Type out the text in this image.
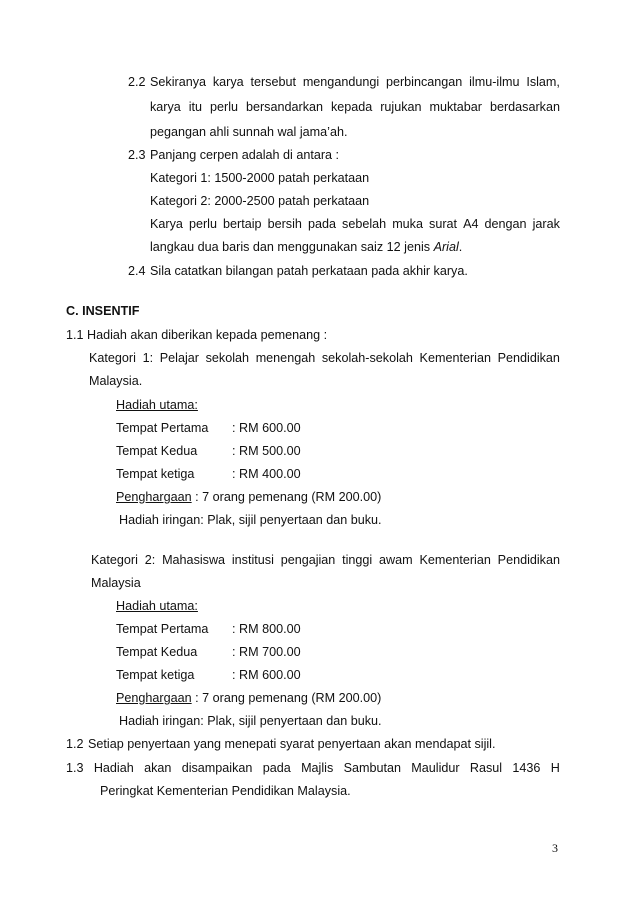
2.2 Sekiranya karya tersebut mengandungi perbincangan ilmu-ilmu Islam,
karya itu perlu bersandarkan kepada rujukan muktabar berdasarkan
pegangan ahli sunnah wal jama’ah.
2.3 Panjang cerpen adalah di antara :
Kategori 1: 1500-2000 patah perkataan
Kategori 2: 2000-2500 patah perkataan
Karya perlu bertaip bersih pada sebelah muka surat A4 dengan jarak
langkau dua baris dan menggunakan saiz 12 jenis Arial.
2.4 Sila catatkan bilangan patah perkataan pada akhir karya.
C. INSENTIF
1.1 Hadiah akan diberikan kepada pemenang :
Kategori 1: Pelajar sekolah menengah sekolah-sekolah Kementerian Pendidikan
Malaysia.
Hadiah utama:
Tempat Pertama : RM 600.00
Tempat Kedua	: RM 500.00
Tempat ketiga	: RM 400.00
Penghargaan : 7 orang pemenang (RM 200.00)
Hadiah iringan: Plak, sijil penyertaan dan buku.
Kategori 2: Mahasiswa institusi pengajian tinggi awam Kementerian Pendidikan
Malaysia
Hadiah utama:
Tempat Pertama : RM 800.00
Tempat Kedua	: RM 700.00
Tempat ketiga	: RM 600.00
Penghargaan : 7 orang pemenang (RM 200.00)
Hadiah iringan: Plak, sijil penyertaan dan buku.
1.2 Setiap penyertaan yang menepati syarat penyertaan akan mendapat sijil.
1.3 Hadiah akan disampaikan pada Majlis Sambutan Maulidur Rasul 1436 H
Peringkat Kementerian Pendidikan Malaysia.
3
